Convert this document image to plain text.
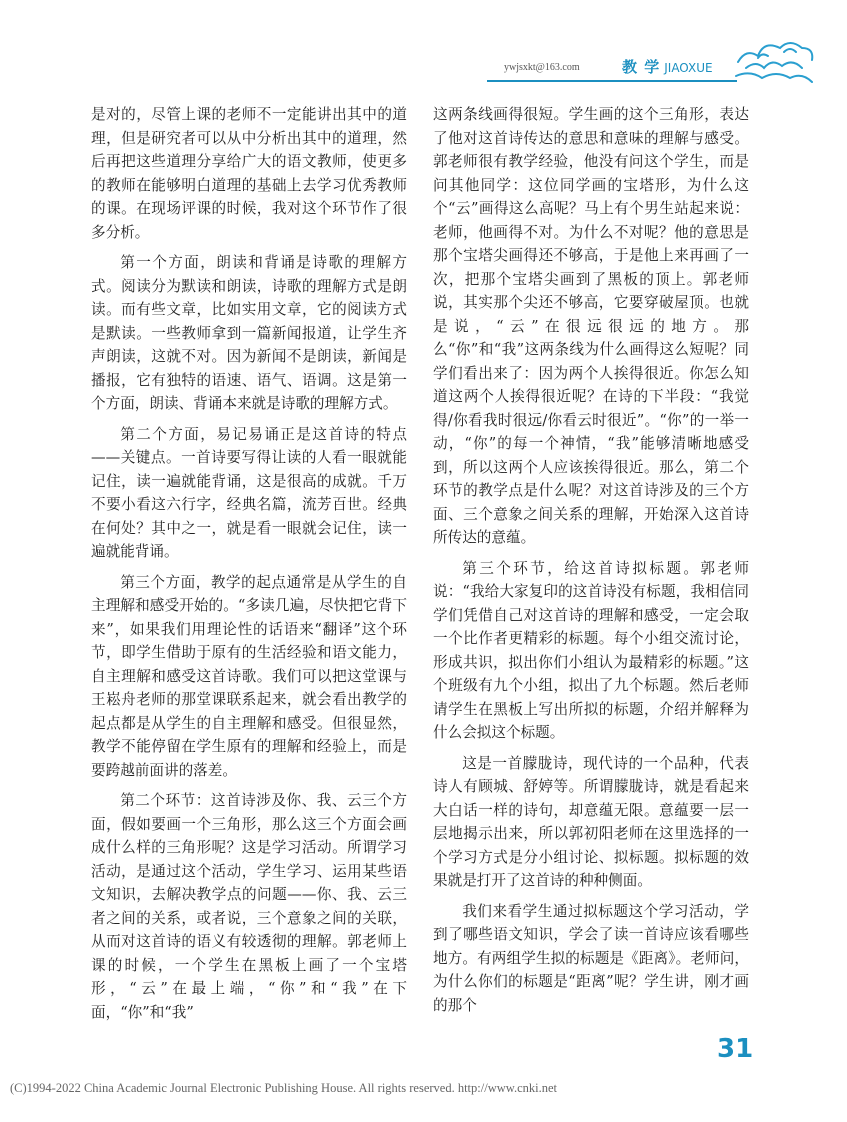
ywjsxkt@163.com	教 学 JIAOXUE

是对的，尽管上课的老师不一定能讲出其中的道理，但是研究者可以从中分析出其中的道理，然后再把这些道理分享给广大的语文教师，使更多的教师在能够明白道理的基础上去学习优秀教师的课。在现场评课的时候，我对这个环节作了很多分析。

第一个方面，朗读和背诵是诗歌的理解方式。阅读分为默读和朗读，诗歌的理解方式是朗读。而有些文章，比如实用文章，它的阅读方式是默读。一些教师拿到一篇新闻报道，让学生齐声朗读，这就不对。因为新闻不是朗读，新闻是播报，它有独特的语速、语气、语调。这是第一个方面，朗读、背诵本来就是诗歌的理解方式。

第二个方面，易记易诵正是这首诗的特点——关键点。一首诗要写得让读的人看一眼就能记住，读一遍就能背诵，这是很高的成就。千万不要小看这六行字，经典名篇，流芳百世。经典在何处？其中之一，就是看一眼就会记住，读一遍就能背诵。

第三个方面，教学的起点通常是从学生的自主理解和感受开始的。“多读几遍，尽快把它背下来”，如果我们用理论性的话语来“翻译”这个环节，即学生借助于原有的生活经验和语文能力，自主理解和感受这首诗歌。我们可以把这堂课与王崧舟老师的那堂课联系起来，就会看出教学的起点都是从学生的自主理解和感受。但很显然，教学不能停留在学生原有的理解和经验上，而是要跨越前面讲的落差。

第二个环节：这首诗涉及你、我、云三个方面，假如要画一个三角形，那么这三个方面会画成什么样的三角形呢？这是学习活动。所谓学习活动，是通过这个活动，学生学习、运用某些语文知识，去解决教学点的问题——你、我、云三者之间的关系，或者说，三个意象之间的关联，从而对这首诗的语义有较透彻的理解。郭老师上课的时候，一个学生在黑板上画了一个宝塔形，“云”在最上端，“你”和“我”在下面，“你”和“我”

这两条线画得很短。学生画的这个三角形，表达了他对这首诗传达的意思和意味的理解与感受。郭老师很有教学经验，他没有问这个学生，而是问其他同学：这位同学画的宝塔形，为什么这个“云”画得这么高呢？马上有个男生站起来说：老师，他画得不对。为什么不对呢？他的意思是那个宝塔尖画得还不够高，于是他上来再画了一次，把那个宝塔尖画到了黑板的顶上。郭老师说，其实那个尖还不够高，它要穿破屋顶。也就是说，“云”在很远很远的地方。那么“你”和“我”这两条线为什么画得这么短呢？同学们看出来了：因为两个人挨得很近。你怎么知道这两个人挨得很近呢？在诗的下半段：“我觉得/你看我时很远/你看云时很近”。“你”的一举一动，“你”的每一个神情，“我”能够清晰地感受到，所以这两个人应该挨得很近。那么，第二个环节的教学点是什么呢？对这首诗涉及的三个方面、三个意象之间关系的理解，开始深入这首诗所传达的意蕴。

第三个环节，给这首诗拟标题。郭老师说：“我给大家复印的这首诗没有标题，我相信同学们凭借自己对这首诗的理解和感受，一定会取一个比作者更精彩的标题。每个小组交流讨论，形成共识，拟出你们小组认为最精彩的标题。”这个班级有九个小组，拟出了九个标题。然后老师请学生在黑板上写出所拟的标题，介绍并解释为什么会拟这个标题。

这是一首朦胧诗，现代诗的一个品种，代表诗人有顾城、舒婷等。所谓朦胧诗，就是看起来大白话一样的诗句，却意蕴无限。意蕴要一层一层地揭示出来，所以郭初阳老师在这里选择的一个学习方式是分小组讨论、拟标题。拟标题的效果就是打开了这首诗的种种侧面。

我们来看学生通过拟标题这个学习活动，学到了哪些语文知识，学会了读一首诗应该看哪些地方。有两组学生拟的标题是《距离》。老师问，为什么你们的标题是“距离”呢？学生讲，刚才画的那个

31
(C)1994-2022 China Academic Journal Electronic Publishing House. All rights reserved. http://www.cnki.net
